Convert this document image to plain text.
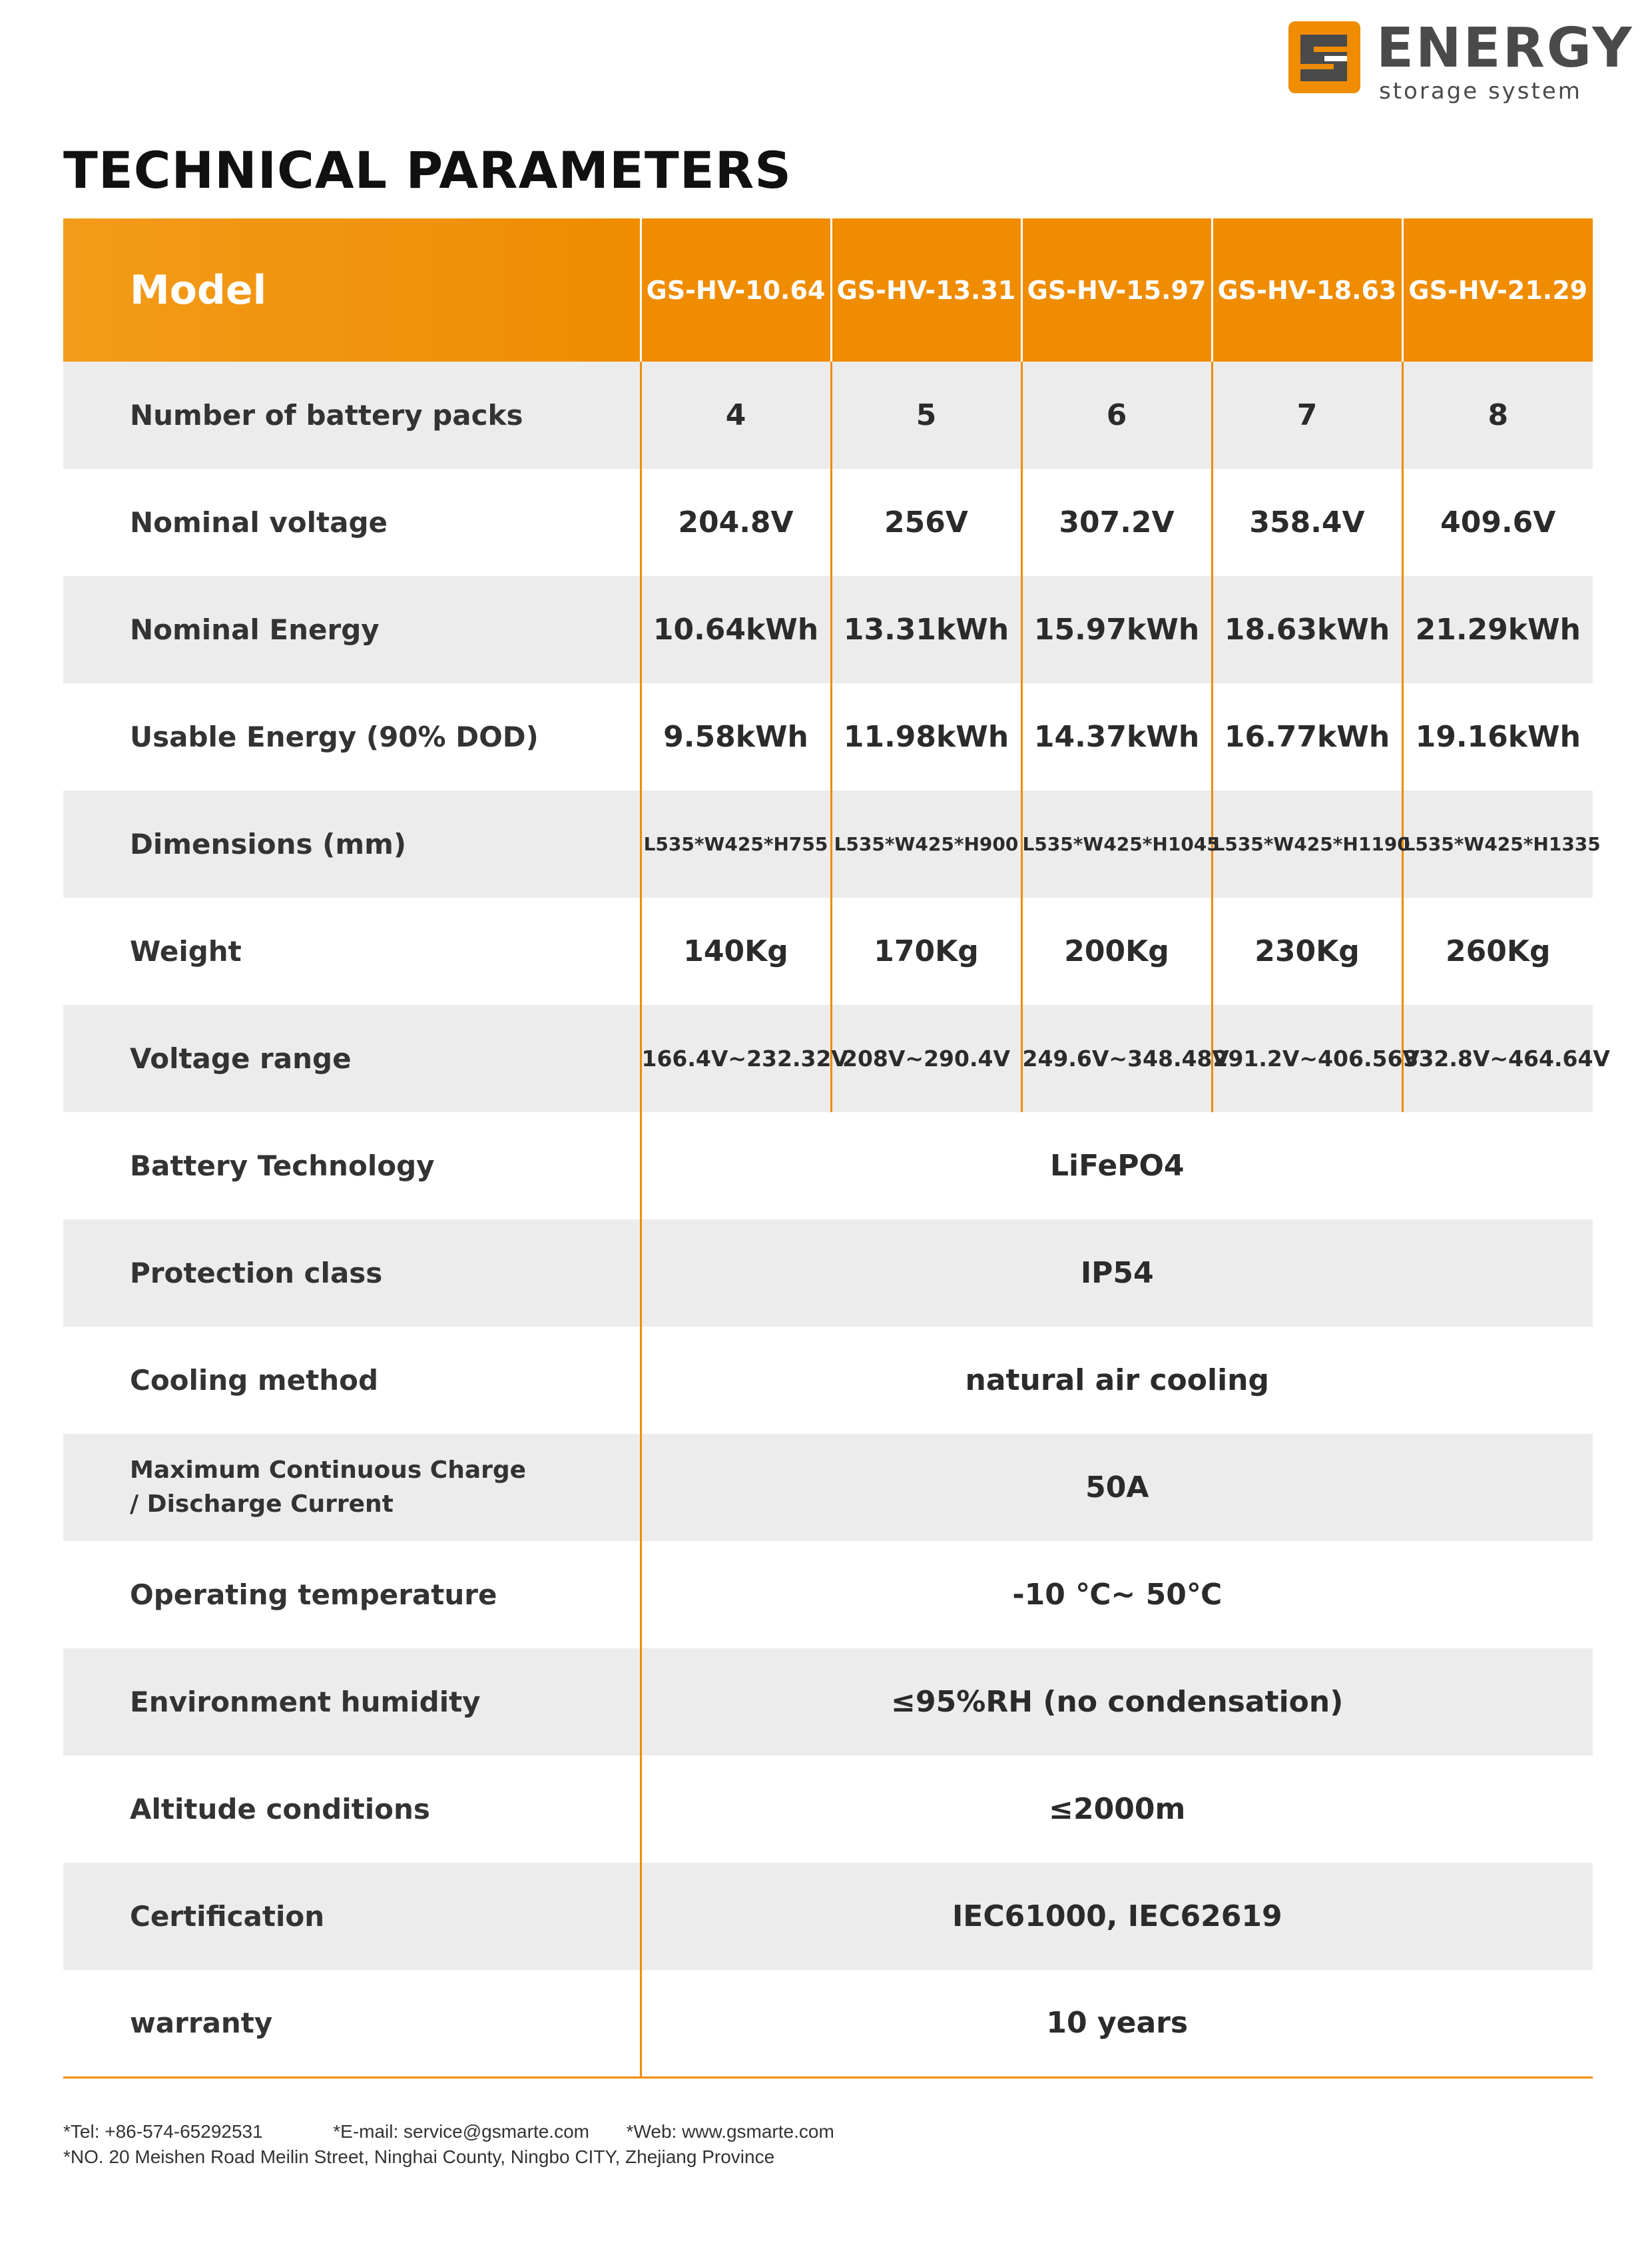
ENERGY
storage system
TECHNICAL PARAMETERS
Model	GS-HV-10.64	GS-HV-13.31	GS-HV-15.97	GS-HV-18.63	GS-HV-21.29
Number of battery packs	4	5	6	7	8
Nominal voltage	204.8V	256V	307.2V	358.4V	409.6V
Nominal Energy	10.64kWh	13.31kWh	15.97kWh	18.63kWh	21.29kWh
Usable Energy (90% DOD)	9.58kWh	11.98kWh	14.37kWh	16.77kWh	19.16kWh
Dimensions (mm)	L535*W425*H755	L535*W425*H900	L535*W425*H1045	L535*W425*H1190	L535*W425*H1335
Weight	140Kg	170Kg	200Kg	230Kg	260Kg
Voltage range	166.4V~232.32V	208V~290.4V	249.6V~348.48V	291.2V~406.56V	332.8V~464.64V
Battery Technology	LiFePO4				
Protection class	IP54				
Cooling method	natural air cooling				

Maximum Continuous Charge
/ Discharge Current	50A				
Operating temperature	-10 ℃~ 50℃				
Environment humidity	≤95%RH (no condensation)				
Altitude conditions	≤2000m				
Certification	IEC61000, IEC62619				
warranty	10 years				
*Tel: +86-574-65292531	*E-mail: service@gsmarte.com *Web: www.gsmarte.com
*NO. 20 Meishen Road Meilin Street, Ninghai County, Ningbo CITY, Zhejiang Province
